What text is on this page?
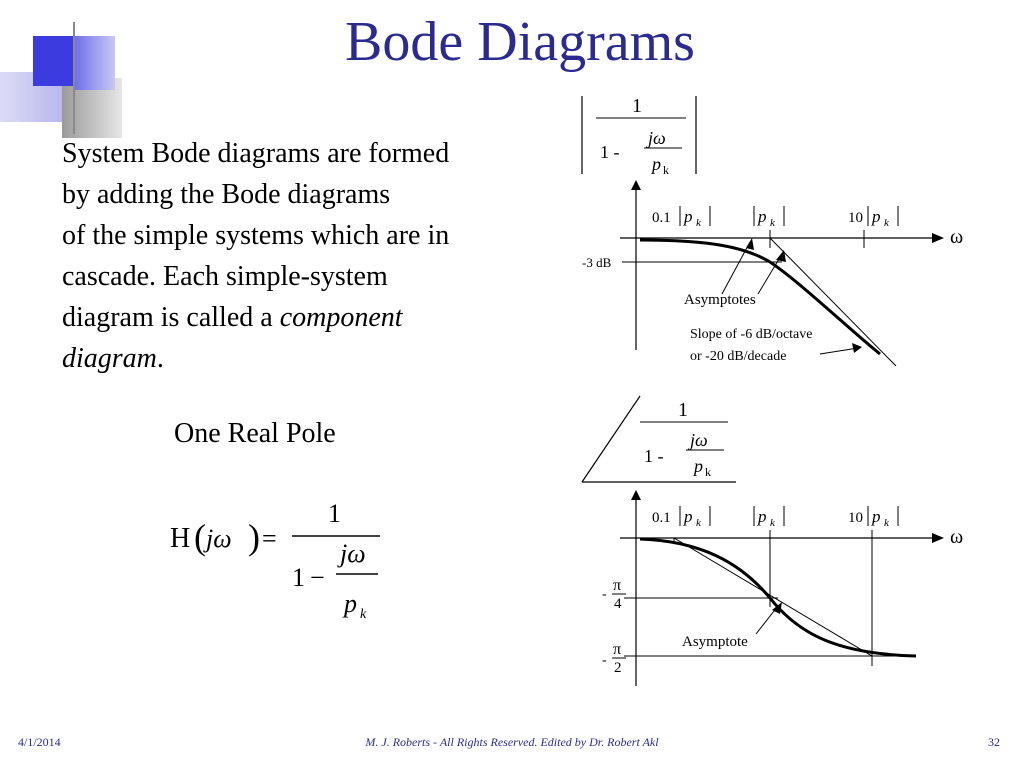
Bode Diagrams

System Bode diagrams are formed

by adding the Bode diagrams

of the simple systems which are in

cascade. Each simple-system

diagram is called a component

diagram.

One Real Pole
H ( jω ) =
1
1 −
jω
p k
1
1 -
jω
p k
ω
0.1 p k	p k	10 p k
-3 dB
Asymptotes
Slope of -6 dB/octave
or -20 dB/decade
1
1 -
jω
p k
ω
0.1 p k	p k	10 p k
-
π
4
-
π
2
Asymptote
4/1/2014	M. J. Roberts - All Rights Reserved. Edited by Dr. Robert Akl	32
